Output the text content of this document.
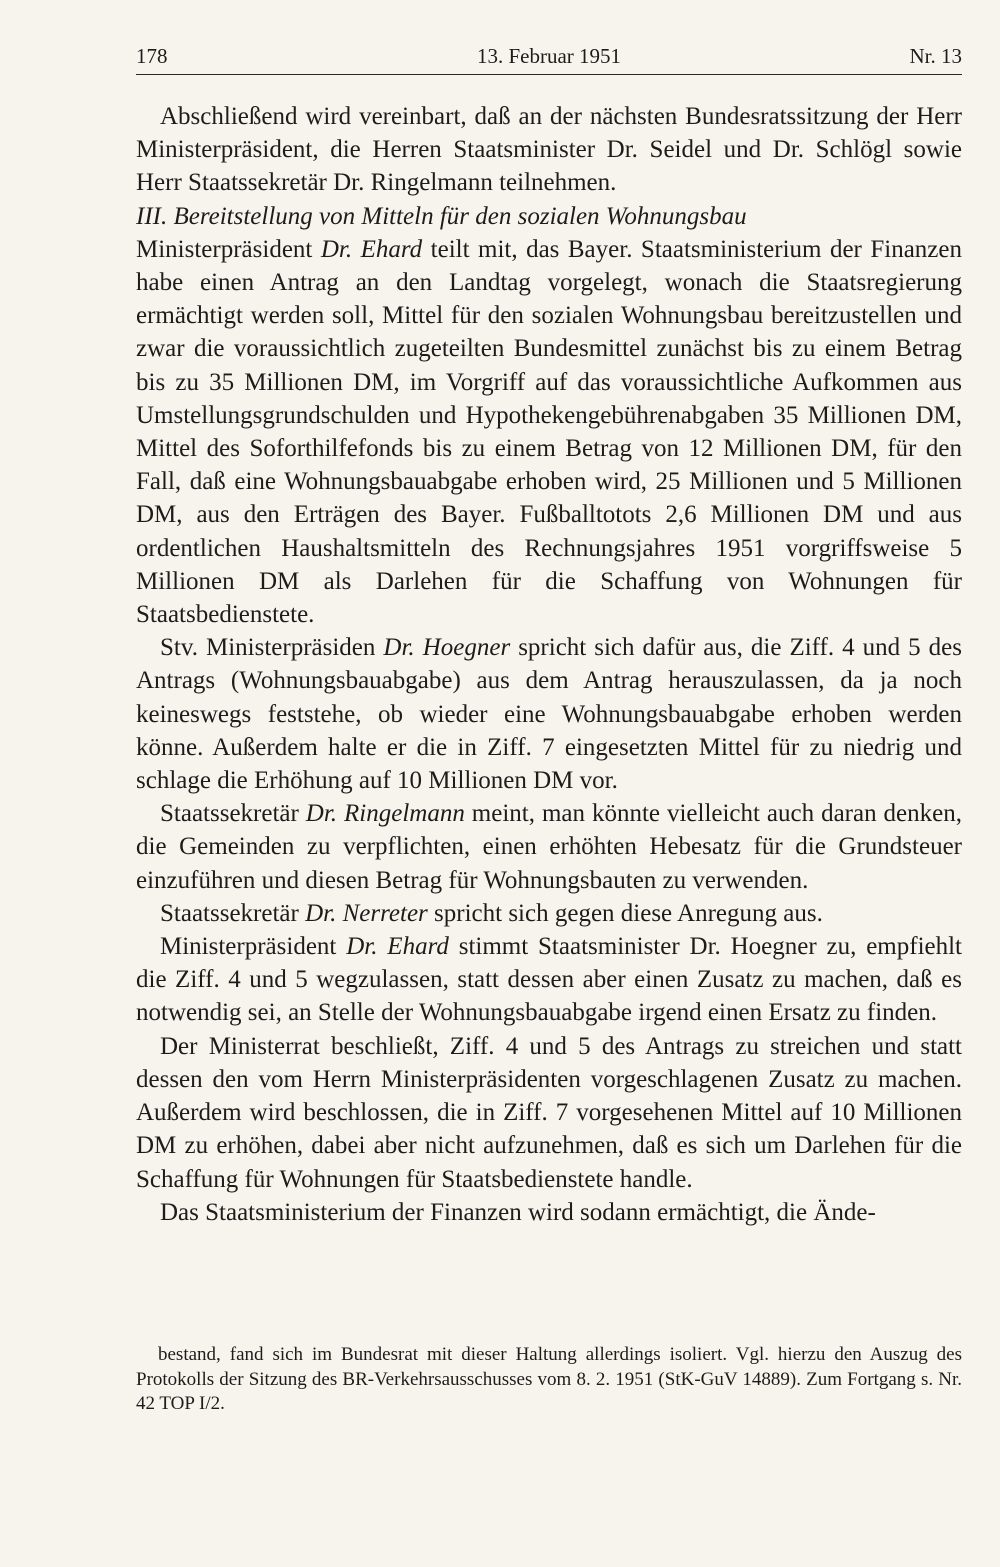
178	13. Februar 1951	Nr. 13

Abschließend wird vereinbart, daß an der nächsten Bundesratssitzung der Herr Ministerpräsident, die Herren Staatsminister Dr. Seidel und Dr. Schlögl sowie Herr Staatssekretär Dr. Ringelmann teilnehmen.

III. Bereitstellung von Mitteln für den sozialen Wohnungsbau

Ministerpräsident Dr. Ehard teilt mit, das Bayer. Staatsministerium der Finanzen habe einen Antrag an den Landtag vorgelegt, wonach die Staatsregierung ermächtigt werden soll, Mittel für den sozialen Wohnungsbau bereitzustellen und zwar die voraussichtlich zugeteilten Bundesmittel zunächst bis zu einem Betrag bis zu 35 Millionen DM, im Vorgriff auf das voraussichtliche Aufkommen aus Umstellungsgrundschulden und Hypothekengebührenabgaben 35 Millionen DM, Mittel des Soforthilfefonds bis zu einem Betrag von 12 Millionen DM, für den Fall, daß eine Wohnungsbauabgabe erhoben wird, 25 Millionen und 5 Millionen DM, aus den Erträgen des Bayer. Fußballtotots 2,6 Millionen DM und aus ordentlichen Haushaltsmitteln des Rechnungsjahres 1951 vorgriffsweise 5 Millionen DM als Darlehen für die Schaffung von Wohnungen für Staatsbedienstete.

Stv. Ministerpräsiden Dr. Hoegner spricht sich dafür aus, die Ziff. 4 und 5 des Antrags (Wohnungsbauabgabe) aus dem Antrag herauszulassen, da ja noch keineswegs feststehe, ob wieder eine Wohnungsbauabgabe erhoben werden könne. Außerdem halte er die in Ziff. 7 eingesetzten Mittel für zu niedrig und schlage die Erhöhung auf 10 Millionen DM vor.

Staatssekretär Dr. Ringelmann meint, man könnte vielleicht auch daran denken, die Gemeinden zu verpflichten, einen erhöhten Hebesatz für die Grundsteuer einzuführen und diesen Betrag für Wohnungsbauten zu verwenden.

Staatssekretär Dr. Nerreter spricht sich gegen diese Anregung aus.

Ministerpräsident Dr. Ehard stimmt Staatsminister Dr. Hoegner zu, empfiehlt die Ziff. 4 und 5 wegzulassen, statt dessen aber einen Zusatz zu machen, daß es notwendig sei, an Stelle der Wohnungsbauabgabe irgend einen Ersatz zu finden.

Der Ministerrat beschließt, Ziff. 4 und 5 des Antrags zu streichen und statt dessen den vom Herrn Ministerpräsidenten vorgeschlagenen Zusatz zu machen. Außerdem wird beschlossen, die in Ziff. 7 vorgesehenen Mittel auf 10 Millionen DM zu erhöhen, dabei aber nicht aufzunehmen, daß es sich um Darlehen für die Schaffung für Wohnungen für Staatsbedienstete handle.

Das Staatsministerium der Finanzen wird sodann ermächtigt, die Ände-

bestand, fand sich im Bundesrat mit dieser Haltung allerdings isoliert. Vgl. hierzu den Auszug des Protokolls der Sitzung des BR-Verkehrsausschusses vom 8. 2. 1951 (StK-GuV 14889). Zum Fortgang s. Nr. 42 TOP I/2.
